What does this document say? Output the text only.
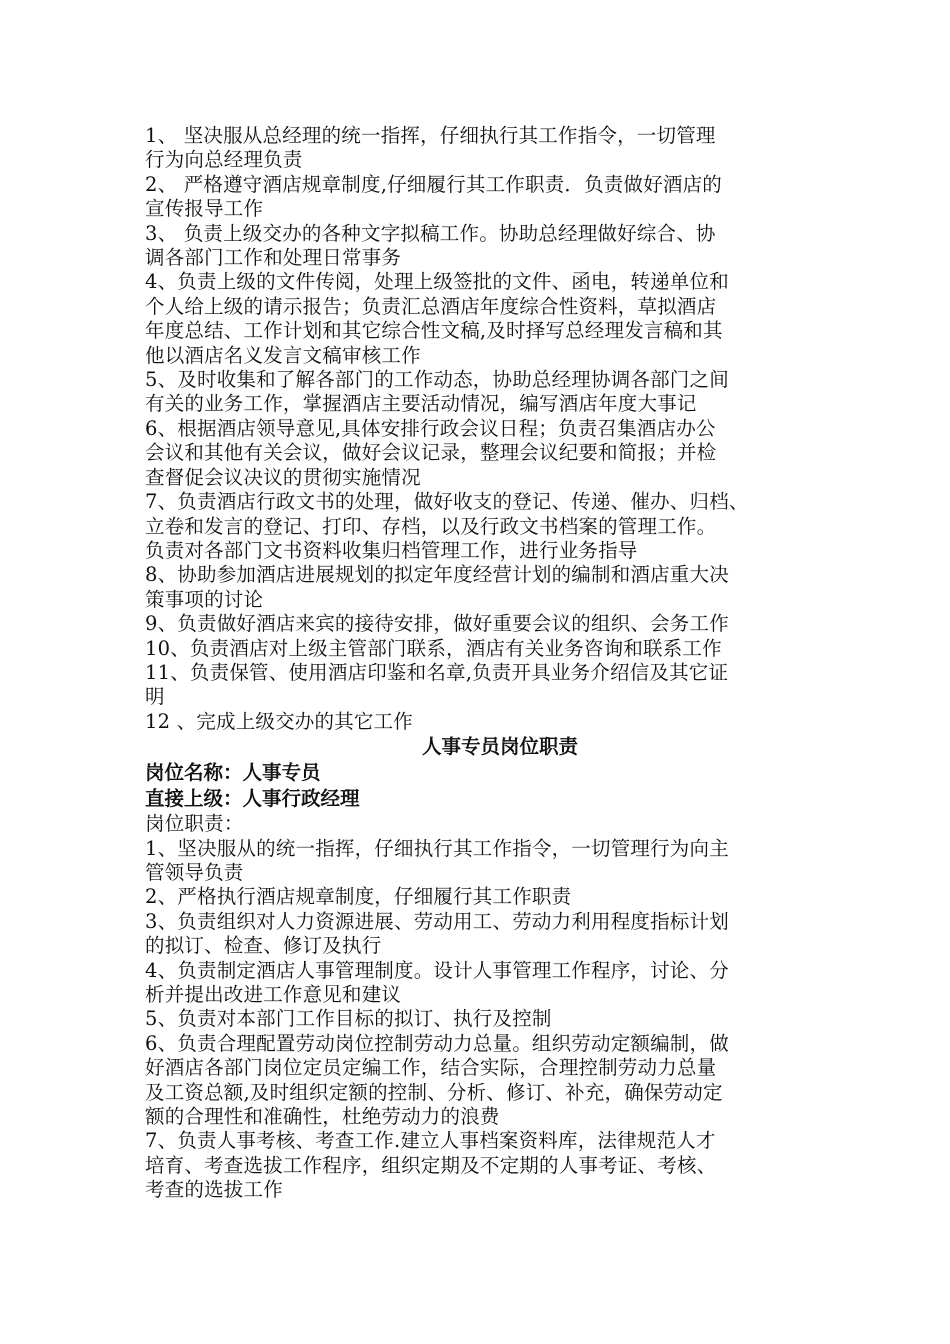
1、 坚决服从总经理的统一指挥，仔细执行其工作指令，一切管理
行为向总经理负责
2、 严格遵守酒店规章制度,仔细履行其工作职责．负责做好酒店的
宣传报导工作
3、 负责上级交办的各种文字拟稿工作。协助总经理做好综合、协
调各部门工作和处理日常事务
4、负责上级的文件传阅，处理上级签批的文件、函电，转递单位和
个人给上级的请示报告；负责汇总酒店年度综合性资料，草拟酒店
年度总结、工作计划和其它综合性文稿,及时择写总经理发言稿和其
他以酒店名义发言文稿审核工作
5、及时收集和了解各部门的工作动态，协助总经理协调各部门之间
有关的业务工作，掌握酒店主要活动情况，编写酒店年度大事记
6、根据酒店领导意见,具体安排行政会议日程；负责召集酒店办公
会议和其他有关会议，做好会议记录，整理会议纪要和简报；并检
查督促会议决议的贯彻实施情况
7、负责酒店行政文书的处理，做好收支的登记、传递、催办、归档、
立卷和发言的登记、打印、存档，以及行政文书档案的管理工作。
负责对各部门文书资料收集归档管理工作，进行业务指导
8、协助参加酒店进展规划的拟定年度经营计划的编制和酒店重大决
策事项的讨论
9、负责做好酒店来宾的接待安排，做好重要会议的组织、会务工作
10、负责酒店对上级主管部门联系，酒店有关业务咨询和联系工作
11、负责保管、使用酒店印鉴和名章,负责开具业务介绍信及其它证
明
12 、完成上级交办的其它工作
人事专员岗位职责
岗位名称：人事专员
直接上级：人事行政经理
岗位职责：
1、坚决服从的统一指挥，仔细执行其工作指令，一切管理行为向主
管领导负责
2、严格执行酒店规章制度，仔细履行其工作职责
3、负责组织对人力资源进展、劳动用工、劳动力利用程度指标计划
的拟订、检查、修订及执行
4、负责制定酒店人事管理制度。设计人事管理工作程序，讨论、分
析并提出改进工作意见和建议
5、负责对本部门工作目标的拟订、执行及控制
6、负责合理配置劳动岗位控制劳动力总量。组织劳动定额编制，做
好酒店各部门岗位定员定编工作，结合实际，合理控制劳动力总量
及工资总额,及时组织定额的控制、分析、修订、补充，确保劳动定
额的合理性和准确性，杜绝劳动力的浪费
7、负责人事考核、考查工作.建立人事档案资料库，法律规范人才
培育、考查选拔工作程序，组织定期及不定期的人事考证、考核、
考查的选拔工作
